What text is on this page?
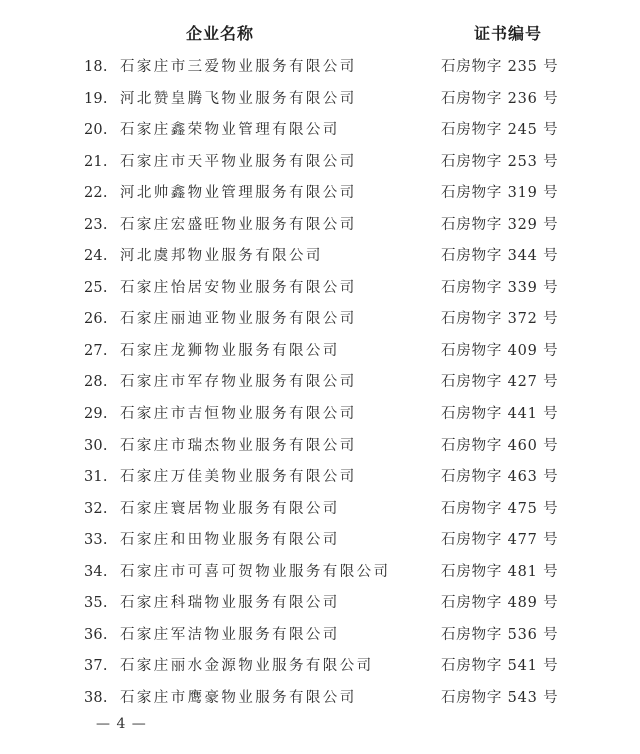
企业名称	证书编号
18. 石家庄市三爱物业服务有限公司	石房物字 235 号
19. 河北赞皇腾飞物业服务有限公司	石房物字 236 号
20. 石家庄鑫荣物业管理有限公司	石房物字 245 号
21. 石家庄市天平物业服务有限公司	石房物字 253 号
22. 河北帅鑫物业管理服务有限公司	石房物字 319 号
23. 石家庄宏盛旺物业服务有限公司	石房物字 329 号
24. 河北虞邦物业服务有限公司	石房物字 344 号
25. 石家庄怡居安物业服务有限公司	石房物字 339 号
26. 石家庄丽迪亚物业服务有限公司	石房物字 372 号
27. 石家庄龙狮物业服务有限公司	石房物字 409 号
28. 石家庄市军存物业服务有限公司	石房物字 427 号
29. 石家庄市吉恒物业服务有限公司	石房物字 441 号
30. 石家庄市瑞杰物业服务有限公司	石房物字 460 号
31. 石家庄万佳美物业服务有限公司	石房物字 463 号
32. 石家庄寰居物业服务有限公司	石房物字 475 号
33. 石家庄和田物业服务有限公司	石房物字 477 号
34. 石家庄市可喜可贺物业服务有限公司	石房物字 481 号
35. 石家庄科瑞物业服务有限公司	石房物字 489 号
36. 石家庄军洁物业服务有限公司	石房物字 536 号
37. 石家庄丽水金源物业服务有限公司	石房物字 541 号
38. 石家庄市鹰豪物业服务有限公司	石房物字 543 号
— 4 —
